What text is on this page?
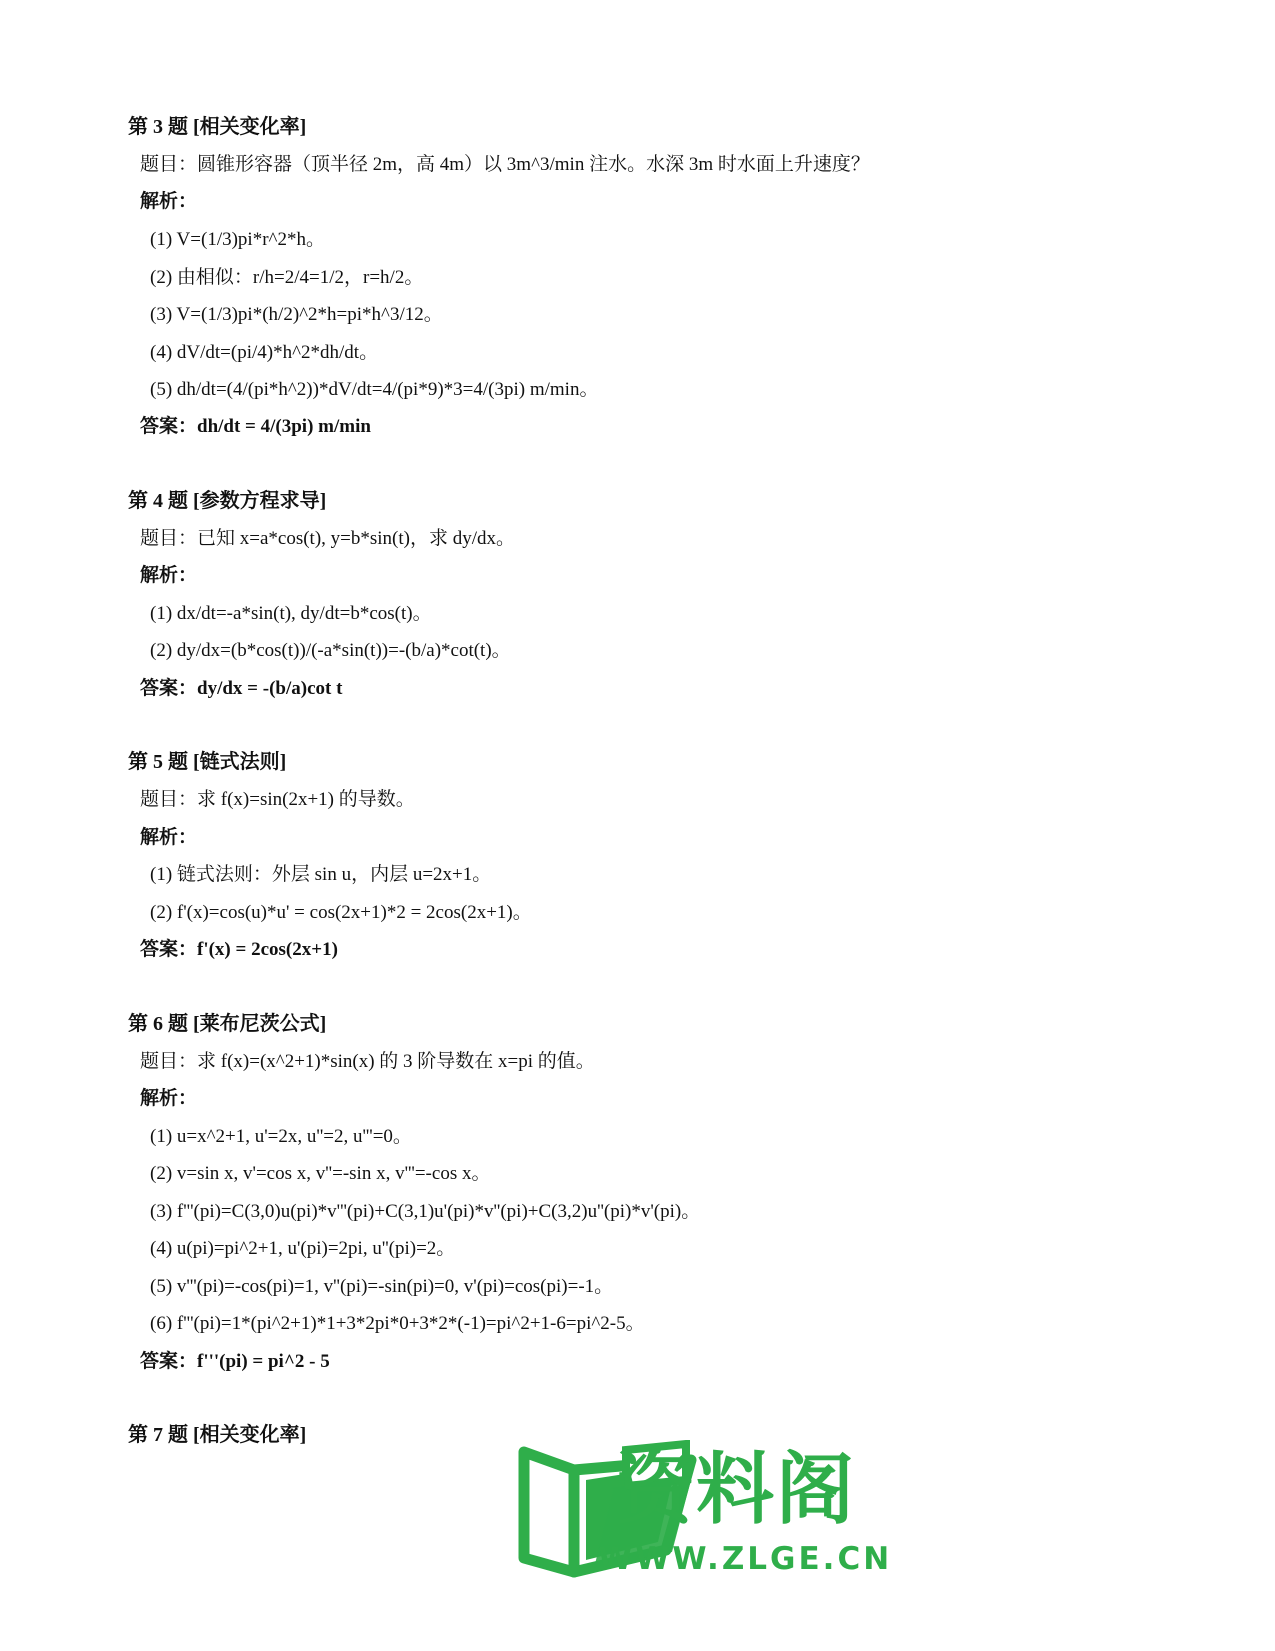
第 3 题 [相关变化率]
题目：圆锥形容器（顶半径 2m，高 4m）以 3m^3/min 注水。水深 3m 时水面上升速度？
解析：
(1) V=(1/3)pi*r^2*h。
(2) 由相似：r/h=2/4=1/2，r=h/2。
(3) V=(1/3)pi*(h/2)^2*h=pi*h^3/12。
(4) dV/dt=(pi/4)*h^2*dh/dt。
(5) dh/dt=(4/(pi*h^2))*dV/dt=4/(pi*9)*3=4/(3pi) m/min。
答案：dh/dt = 4/(3pi) m/min
第 4 题 [参数方程求导]
题目：已知 x=a*cos(t), y=b*sin(t)，求 dy/dx。
解析：
(1) dx/dt=-a*sin(t), dy/dt=b*cos(t)。
(2) dy/dx=(b*cos(t))/(-a*sin(t))=-(b/a)*cot(t)。
答案：dy/dx = -(b/a)cot t
第 5 题 [链式法则]
题目：求 f(x)=sin(2x+1) 的导数。
解析：
(1) 链式法则：外层 sin u，内层 u=2x+1。
(2) f'(x)=cos(u)*u' = cos(2x+1)*2 = 2cos(2x+1)。
答案：f'(x) = 2cos(2x+1)
第 6 题 [莱布尼茨公式]
题目：求 f(x)=(x^2+1)*sin(x) 的 3 阶导数在 x=pi 的值。
解析：
(1) u=x^2+1, u'=2x, u''=2, u'''=0。
(2) v=sin x, v'=cos x, v''=-sin x, v'''=-cos x。
(3) f'''(pi)=C(3,0)u(pi)*v'''(pi)+C(3,1)u'(pi)*v''(pi)+C(3,2)u''(pi)*v'(pi)。
(4) u(pi)=pi^2+1, u'(pi)=2pi, u''(pi)=2。
(5) v'''(pi)=-cos(pi)=1, v''(pi)=-sin(pi)=0, v'(pi)=cos(pi)=-1。
(6) f'''(pi)=1*(pi^2+1)*1+3*2pi*0+3*2*(-1)=pi^2+1-6=pi^2-5。
答案：f'''(pi) = pi^2 - 5
第 7 题 [相关变化率]
资料阁
WWW.ZLGE.CN
